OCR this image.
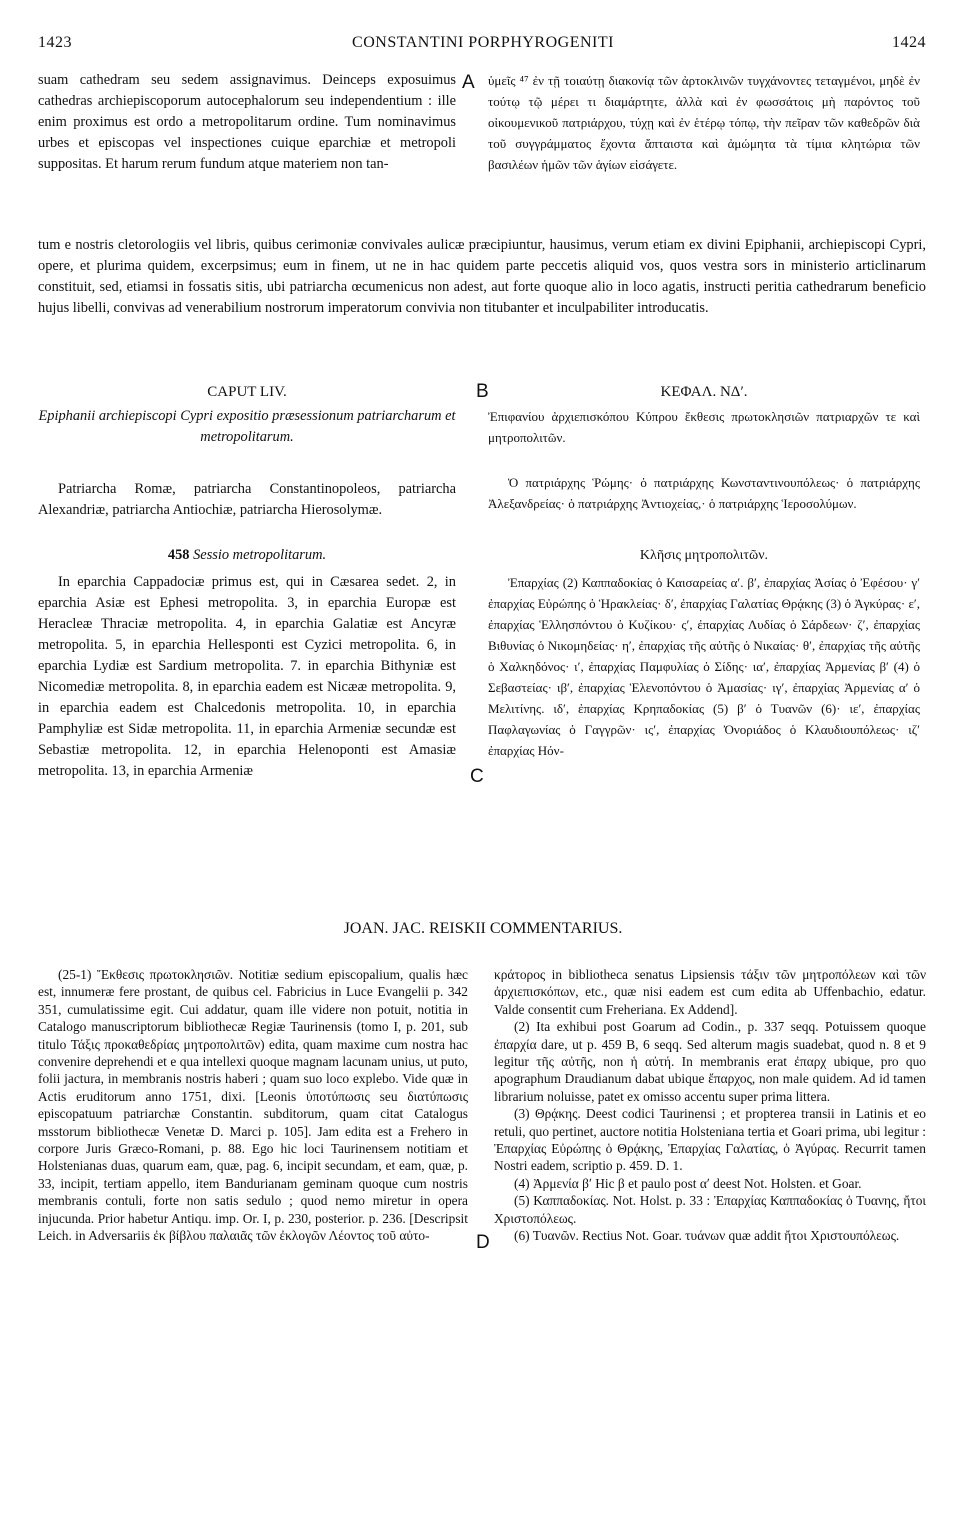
1423	CONSTANTINI PORPHYROGENITI	1424

suam cathedram seu sedem assignavimus. Deinceps exposuimus cathedras archiepiscoporum autocephalorum seu independentium : ille enim proximus est ordo a metropolitarum ordine. Tum nominavimus urbes et episcopas vel inspectiones cuique eparchiæ et metropoli suppositas. Et harum rerum fundum atque materiem non tan-

A ὑμεῖς ⁴⁷ ἐν τῇ τοιαύτῃ διακονίᾳ τῶν ἀρτοκλινῶν τυγχάνοντες τεταγμένοι, μηδὲ ἐν τούτῳ τῷ μέρει τι διαμάρτητε, ἀλλὰ καὶ ἐν φωσσάτοις μὴ παρόντος τοῦ οἰκουμενικοῦ πατριάρχου, τύχῃ καὶ ἐν ἑτέρῳ τόπῳ, τὴν πεῖραν τῶν καθεδρῶν διὰ τοῦ συγγράμματος ἔχοντα ἄπταιστα καὶ ἀμώμητα τὰ τίμια κλητώρια τῶν βασιλέων ἡμῶν τῶν ἁγίων εἰσάγετε.

tum e nostris cletorologiis vel libris, quibus cerimoniæ convivales aulicæ præcipiuntur, hausimus, verum etiam ex divini Epiphanii, archiepiscopi Cypri, opere, et plurima quidem, excerpsimus; eum in finem, ut ne in hac quidem parte peccetis aliquid vos, quos vestra sors in ministerio articlinarum constituit, sed, etiamsi in fossatis sitis, ubi patriarcha œcumenicus non adest, aut forte quoque alio in loco agatis, instructi peritia cathedrarum beneficio hujus libelli, convivas ad venerabilium nostrorum imperatorum convivia non titubanter et inculpabiliter introducatis.

B
CAPUT LIV.	ΚΕΦΑΛ. ΝΔʹ.

Epiphanii archiepiscopi Cypri expositio præsessionum patriarcharum et metropolitarum.

Ἐπιφανίου ἀρχιεπισκόπου Κύπρου ἔκθεσις πρωτοκλησιῶν πατριαρχῶν τε καὶ μητροπολιτῶν.

Patriarcha Romæ, patriarcha Constantinopoleos, patriarcha Alexandriæ, patriarcha Antiochiæ, patriarcha Hierosolymæ.

Ὁ πατριάρχης Ῥώμης· ὁ πατριάρχης Κωνσταντινουπόλεως· ὁ πατριάρχης Ἀλεξανδρείας· ὁ πατριάρχης Ἀντιοχείας,· ὁ πατριάρχης Ἱεροσολύμων.

458 Sessio metropolitarum.	Κλῆσις μητροπολιτῶν.

In eparchia Cappadociæ primus est, qui in Cæsarea sedet. 2, in eparchia Asiæ est Ephesi metropolita. 3, in eparchia Europæ est Heracleæ Thraciæ metropolita. 4, in eparchia Galatiæ est Ancyræ metropolita. 5, in eparchia Hellesponti est Cyzici metropolita. 6, in eparchia Lydiæ est Sardium metropolita. 7. in eparchia Bithyniæ est Nicomediæ metropolita. 8, in eparchia eadem est Nicææ metropolita. 9, in eparchia eadem est Chalcedonis metropolita. 10, in eparchia Pamphyliæ est Sidæ metropolita. 11, in eparchia Armeniæ secundæ est Sebastiæ metropolita. 12, in eparchia Helenoponti est Amasiæ metropolita. 13, in eparchia Armeniæ	C

Ἐπαρχίας (2) Καππαδοκίας ὁ Καισαρείας αʹ. βʹ, ἐπαρχίας Ἀσίας ὁ Ἐφέσου· γʹ ἐπαρχίας Εὐρώπης ὁ Ἡρακλείας· δʹ, ἐπαρχίας Γαλατίας Θρᾴκης (3) ὁ Ἀγκύρας· εʹ, ἐπαρχίας Ἑλλησπόντου ὁ Κυζίκου· ςʹ, ἐπαρχίας Λυδίας ὁ Σάρδεων· ζʹ, ἐπαρχίας Βιθυνίας ὁ Νικομηδείας· ηʹ, ἐπαρχίας τῆς αὐτῆς ὁ Νικαίας· θʹ, ἐπαρχίας τῆς αὐτῆς ὁ Χαλκηδόνος· ιʹ, ἐπαρχίας Παμφυλίας ὁ Σίδης· ιαʹ, ἐπαρχίας Ἀρμενίας βʹ (4) ὁ Σεβαστείας· ιβʹ, ἐπαρχίας Ἑλενοπόντου ὁ Ἀμασίας· ιγʹ, ἐπαρχίας Ἀρμενίας αʹ ὁ Μελιτίνης. ιδʹ, ἐπαρχίας Κρηπαδοκίας (5) βʹ ὁ Τυανῶν (6)· ιεʹ, ἐπαρχίας Παφλαγωνίας ὁ Γαγγρῶν· ιςʹ, ἐπαρχίας Ὀνοριάδος ὁ Κλαυδιουπόλεως· ιζʹ ἐπαρχίας Ηόν-

JOAN. JAC. REISKII COMMENTARIUS.

(25-1) Ἔκθεσις πρωτοκλησιῶν. Notitiæ sedium episcopalium, qualis hæc est, innumeræ fere prostant, de quibus cel. Fabricius in Luce Evangelii p. 342 351, cumulatissime egit. Cui addatur, quam ille videre non potuit, notitia in Catalogo manuscriptorum bibliothecæ Regiæ Taurinensis (tomo I, p. 201, sub titulo Τάξις προκαθεδρίας μητροπολιτῶν) edita, quam maxime cum nostra hac convenire deprehendi et e qua intellexi quoque magnam lacunam unius, ut puto, folii jactura, in membranis nostris haberi ; quam suo loco explebo. Vide quæ in Actis eruditorum anno 1751, dixi. [Leonis ὑποτύπωσις seu διατύπωσις episcopatuum patriarchæ Constantin. subditorum, quam citat Catalogus msstorum bibliothecæ Venetæ D. Marci p. 105]. Jam edita est a Frehero in corpore Juris Græco-Romani, p. 88. Ego hic loci Taurinensem notitiam et Holstenianas duas, quarum eam, quæ, pag. 6, incipit secundam, et eam, quæ, p. 33, incipit, tertiam appello, item Bandurianam geminam quoque cum nostris membranis contuli, forte non satis sedulo ; quod nemo miretur in opera injucunda. Prior habetur Antiqu. imp. Or. I, p. 230, posterior. p. 236. [Descripsit Leich. in Adversariis ἐκ βίβλου παλαιᾶς τῶν ἐκλογῶν Λέοντος τοῦ αὐτο-	D

κράτορος in bibliotheca senatus Lipsiensis τάξιν τῶν μητροπόλεων καὶ τῶν ἀρχιεπισκόπων, etc., quæ nisi eadem est cum edita ab Uffenbachio, edatur. Valde consentit cum Freheriana. Ex Addend].

(2) Ita exhibui post Goarum ad Codin., p. 337 seqq. Potuissem quoque ἐπαρχία dare, ut p. 459 B, 6 seqq. Sed alterum magis suadebat, quod n. 8 et 9 legitur τῆς αὐτῆς, non ἡ αὐτή. In membranis erat ἐπαρχ ubique, pro quo apographum Draudianum dabat ubique ἔπαρχος, non male quidem. Ad id tamen librarium noluisse, patet ex omisso accentu super prima littera.

(3) Θρᾴκης. Deest codici Taurinensi ; et propterea transii in Latinis et eo retuli, quo pertinet, auctore notitia Holsteniana tertia et Goari prima, ubi legitur : Ἐπαρχίας Εὐρώπης ὁ Θρᾴκης, Ἐπαρχίας Γαλατίας, ὁ Ἀγύρας. Recurrit tamen Nostri eadem, scriptio p. 459. D. 1.

(4) Ἀρμενία βʹ Hic β et paulo post αʹ deest Not. Holsten. et Goar.

(5) Καππαδοκίας. Not. Holst. p. 33 : Ἐπαρχίας Καππαδοκίας ὁ Τυανης, ἤτοι Χριστοπόλεως.

(6) Τυανῶν. Rectius Not. Goar. τυάνων quæ addit ἤτοι Χριστουπόλεως.
